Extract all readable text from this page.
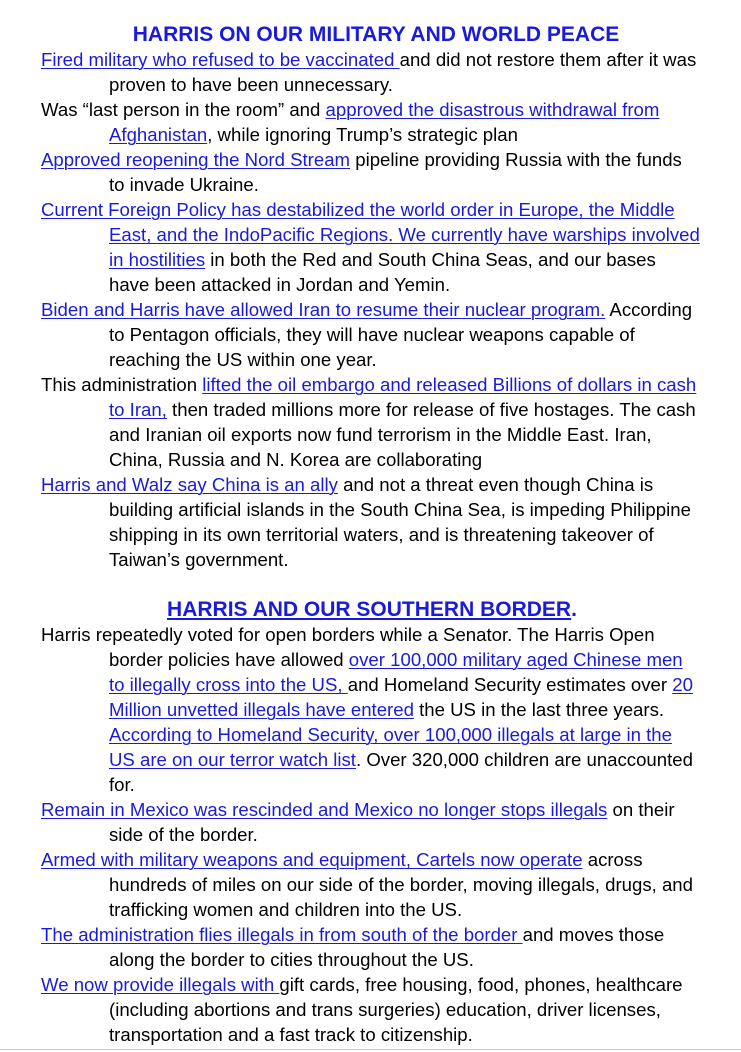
HARRIS ON OUR MILITARY AND WORLD PEACE

Fired military who refused to be vaccinated and did not restore them after it was proven to have been unnecessary.

Was “last person in the room” and approved the disastrous withdrawal from Afghanistan, while ignoring Trump’s strategic plan

Approved reopening the Nord Stream pipeline providing Russia with the funds to invade Ukraine.

Current Foreign Policy has destabilized the world order in Europe, the Middle East, and the IndoPacific Regions. We currently have warships involved in hostilities in both the Red and South China Seas, and our bases have been attacked in Jordan and Yemin.

Biden and Harris have allowed Iran to resume their nuclear program. According to Pentagon officials, they will have nuclear weapons capable of reaching the US within one year.

This administration lifted the oil embargo and released Billions of dollars in cash to Iran, then traded millions more for release of five hostages. The cash and Iranian oil exports now fund terrorism in the Middle East. Iran, China, Russia and N. Korea are collaborating

Harris and Walz say China is an ally and not a threat even though China is building artificial islands in the South China Sea, is impeding Philippine shipping in its own territorial waters, and is threatening takeover of Taiwan’s government.

HARRIS AND OUR SOUTHERN BORDER.

Harris repeatedly voted for open borders while a Senator. The Harris Open border policies have allowed over 100,000 military aged Chinese men to illegally cross into the US, and Homeland Security estimates over 20 Million unvetted illegals have entered the US in the last three years. According to Homeland Security, over 100,000 illegals at large in the US are on our terror watch list. Over 320,000 children are unaccounted for.

Remain in Mexico was rescinded and Mexico no longer stops illegals on their side of the border.

Armed with military weapons and equipment, Cartels now operate across hundreds of miles on our side of the border, moving illegals, drugs, and trafficking women and children into the US.

The administration flies illegals in from south of the border and moves those along the border to cities throughout the US.

We now provide illegals with gift cards, free housing, food, phones, healthcare (including abortions and trans surgeries) education, driver licenses, transportation and a fast track to citizenship.
